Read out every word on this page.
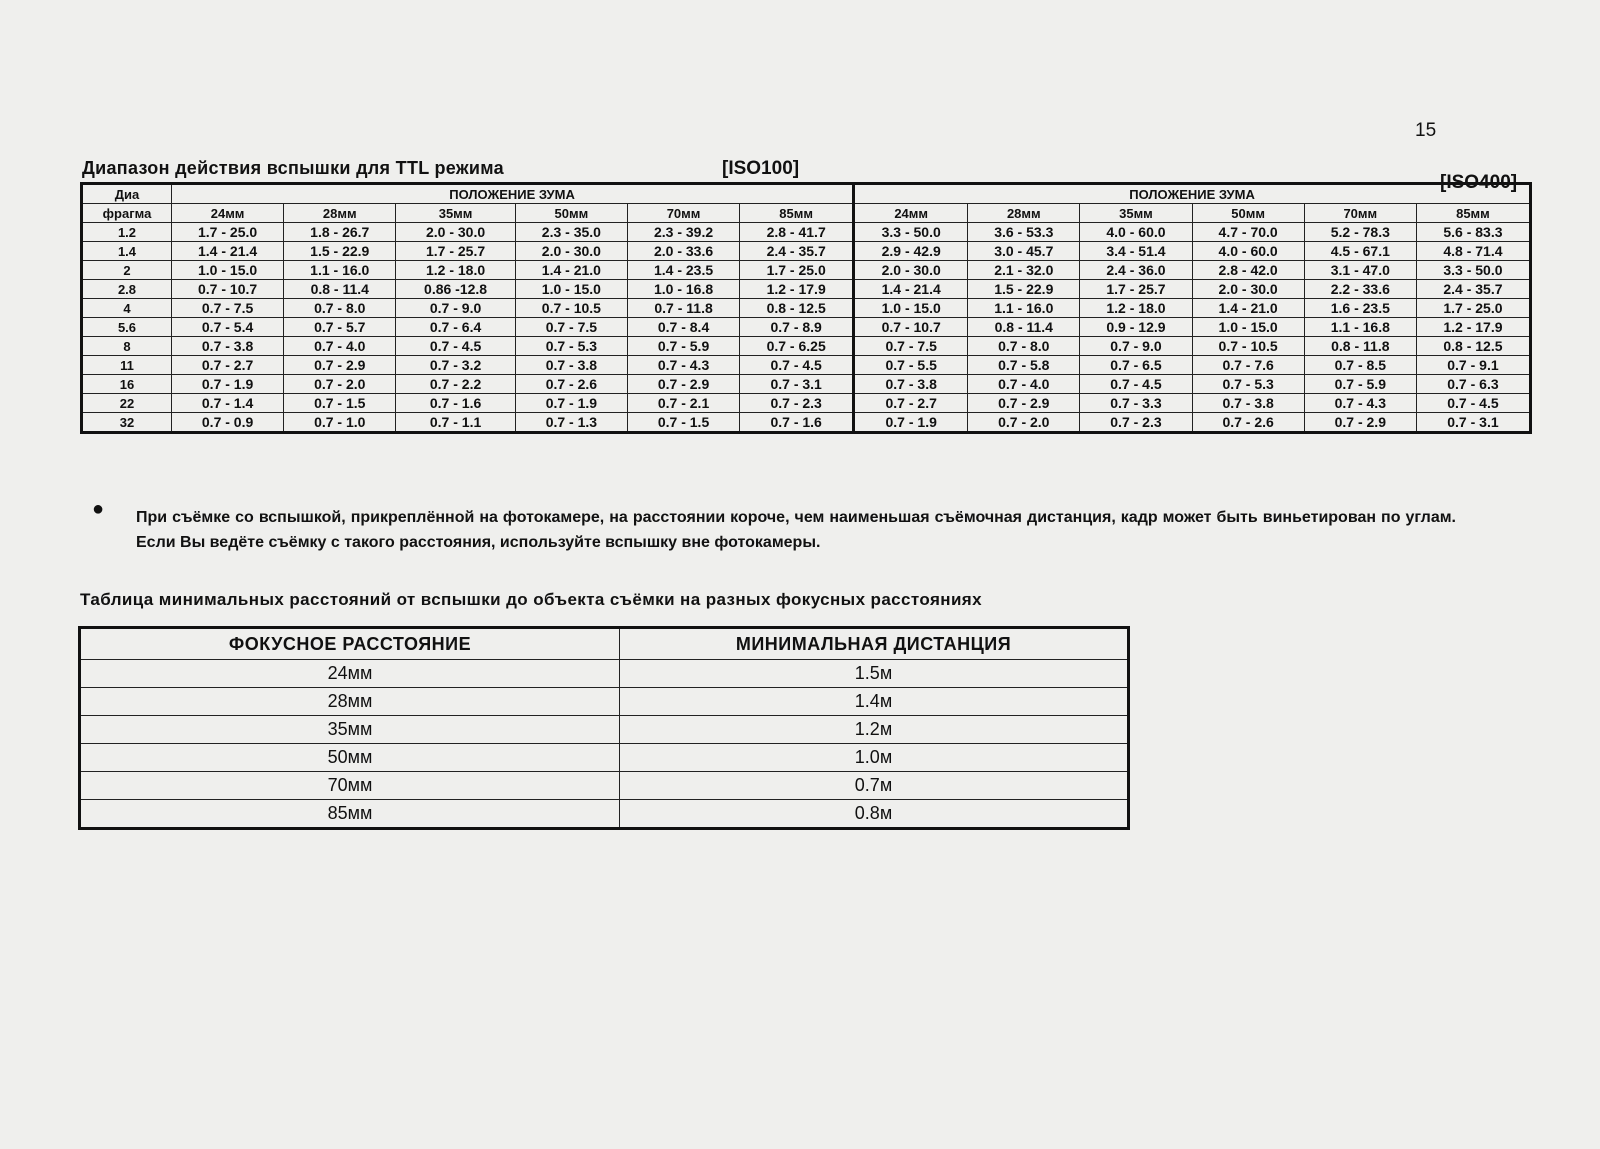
15
Диапазон действия вспышки для TTL режима	[ISO100]
[ISO400]
Диа	ПОЛОЖЕНИЕ ЗУМА						ПОЛОЖЕНИЕ ЗУМА					
фрагма	24мм	28мм	35мм	50мм	70мм	85мм	24мм	28мм	35мм	50мм	70мм	85мм
1.2	1.7 - 25.0	1.8 - 26.7	2.0 - 30.0	2.3 - 35.0	2.3 - 39.2	2.8 - 41.7	3.3 - 50.0	3.6 - 53.3	4.0 - 60.0	4.7 - 70.0	5.2 - 78.3	5.6 - 83.3
1.4	1.4 - 21.4	1.5 - 22.9	1.7 - 25.7	2.0 - 30.0	2.0 - 33.6	2.4 - 35.7	2.9 - 42.9	3.0 - 45.7	3.4 - 51.4	4.0 - 60.0	4.5 - 67.1	4.8 - 71.4
2	1.0 - 15.0	1.1 - 16.0	1.2 - 18.0	1.4 - 21.0	1.4 - 23.5	1.7 - 25.0	2.0 - 30.0	2.1 - 32.0	2.4 - 36.0	2.8 - 42.0	3.1 - 47.0	3.3 - 50.0
2.8	0.7 - 10.7	0.8 - 11.4	0.86 -12.8	1.0 - 15.0	1.0 - 16.8	1.2 - 17.9	1.4 - 21.4	1.5 - 22.9	1.7 - 25.7	2.0 - 30.0	2.2 - 33.6	2.4 - 35.7
4	0.7 - 7.5	0.7 - 8.0	0.7 - 9.0	0.7 - 10.5	0.7 - 11.8	0.8 - 12.5	1.0 - 15.0	1.1 - 16.0	1.2 - 18.0	1.4 - 21.0	1.6 - 23.5	1.7 - 25.0
5.6	0.7 - 5.4	0.7 - 5.7	0.7 - 6.4	0.7 - 7.5	0.7 - 8.4	0.7 - 8.9	0.7 - 10.7	0.8 - 11.4	0.9 - 12.9	1.0 - 15.0	1.1 - 16.8	1.2 - 17.9
8	0.7 - 3.8	0.7 - 4.0	0.7 - 4.5	0.7 - 5.3	0.7 - 5.9	0.7 - 6.25	0.7 - 7.5	0.7 - 8.0	0.7 - 9.0	0.7 - 10.5	0.8 - 11.8	0.8 - 12.5
11	0.7 - 2.7	0.7 - 2.9	0.7 - 3.2	0.7 - 3.8	0.7 - 4.3	0.7 - 4.5	0.7 - 5.5	0.7 - 5.8	0.7 - 6.5	0.7 - 7.6	0.7 - 8.5	0.7 - 9.1
16	0.7 - 1.9	0.7 - 2.0	0.7 - 2.2	0.7 - 2.6	0.7 - 2.9	0.7 - 3.1	0.7 - 3.8	0.7 - 4.0	0.7 - 4.5	0.7 - 5.3	0.7 - 5.9	0.7 - 6.3
22	0.7 - 1.4	0.7 - 1.5	0.7 - 1.6	0.7 - 1.9	0.7 - 2.1	0.7 - 2.3	0.7 - 2.7	0.7 - 2.9	0.7 - 3.3	0.7 - 3.8	0.7 - 4.3	0.7 - 4.5
32	0.7 - 0.9	0.7 - 1.0	0.7 - 1.1	0.7 - 1.3	0.7 - 1.5	0.7 - 1.6	0.7 - 1.9	0.7 - 2.0	0.7 - 2.3	0.7 - 2.6	0.7 - 2.9	0.7 - 3.1
● При съёмке со вспышкой, прикреплённой на фотокамере, на расстоянии короче, чем наименьшая съёмочная дистанция, кадр может быть виньетирован по углам. Если Вы ведёте съёмку с такого расстояния, используйте вспышку вне фотокамеры.
Таблица минимальных расстояний от вспышки до объекта съёмки на разных фокусных расстояниях
ФОКУСНОЕ РАССТОЯНИЕ	МИНИМАЛЬНАЯ ДИСТАНЦИЯ
24мм	1.5м
28мм	1.4м
35мм	1.2м
50мм	1.0м
70мм	0.7м
85мм	0.8м
